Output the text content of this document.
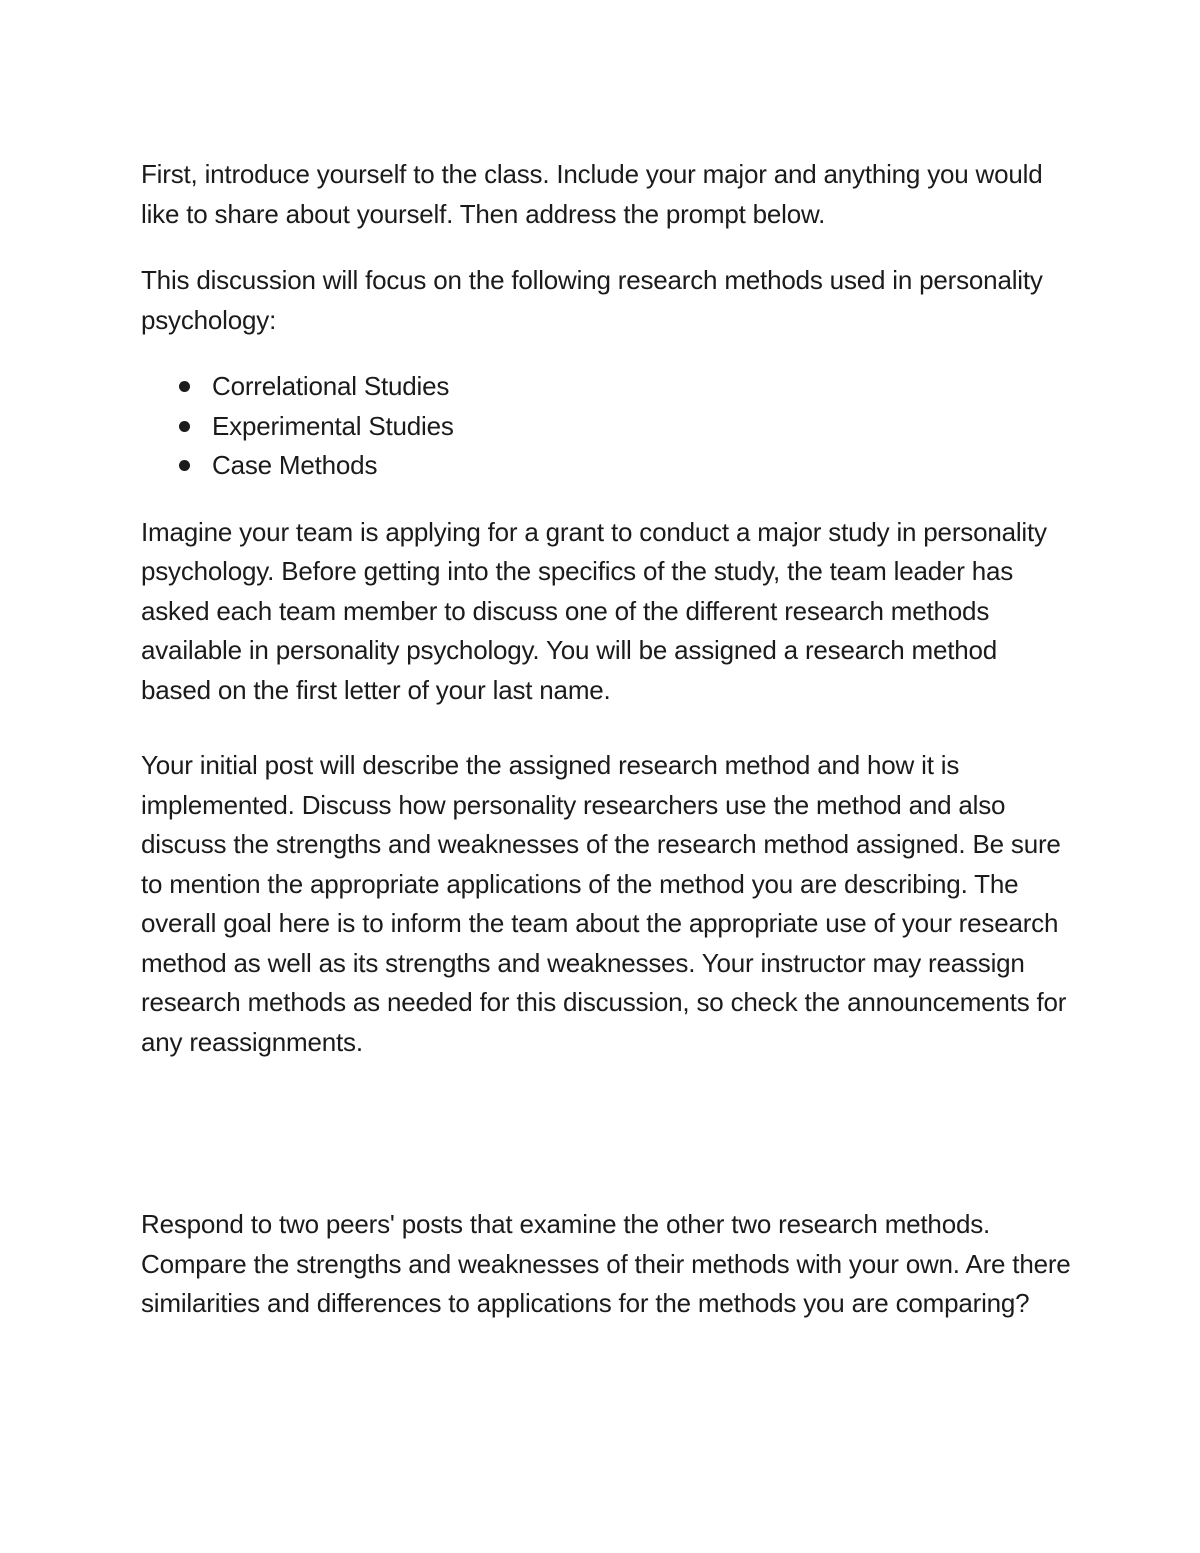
First, introduce yourself to the class. Include your major and anything you would like to share about yourself. Then address the prompt below.

This discussion will focus on the following research methods used in personality psychology:

Correlational Studies
Experimental Studies
Case Methods

Imagine your team is applying for a grant to conduct a major study in personality psychology. Before getting into the specifics of the study, the team leader has asked each team member to discuss one of the different research methods available in personality psychology. You will be assigned a research method based on the first letter of your last name.

Your initial post will describe the assigned research method and how it is implemented. Discuss how personality researchers use the method and also discuss the strengths and weaknesses of the research method assigned. Be sure to mention the appropriate applications of the method you are describing. The overall goal here is to inform the team about the appropriate use of your research method as well as its strengths and weaknesses. Your instructor may reassign research methods as needed for this discussion, so check the announcements for any reassignments.

Respond to two peers' posts that examine the other two research methods. Compare the strengths and weaknesses of their methods with your own. Are there similarities and differences to applications for the methods you are comparing?
